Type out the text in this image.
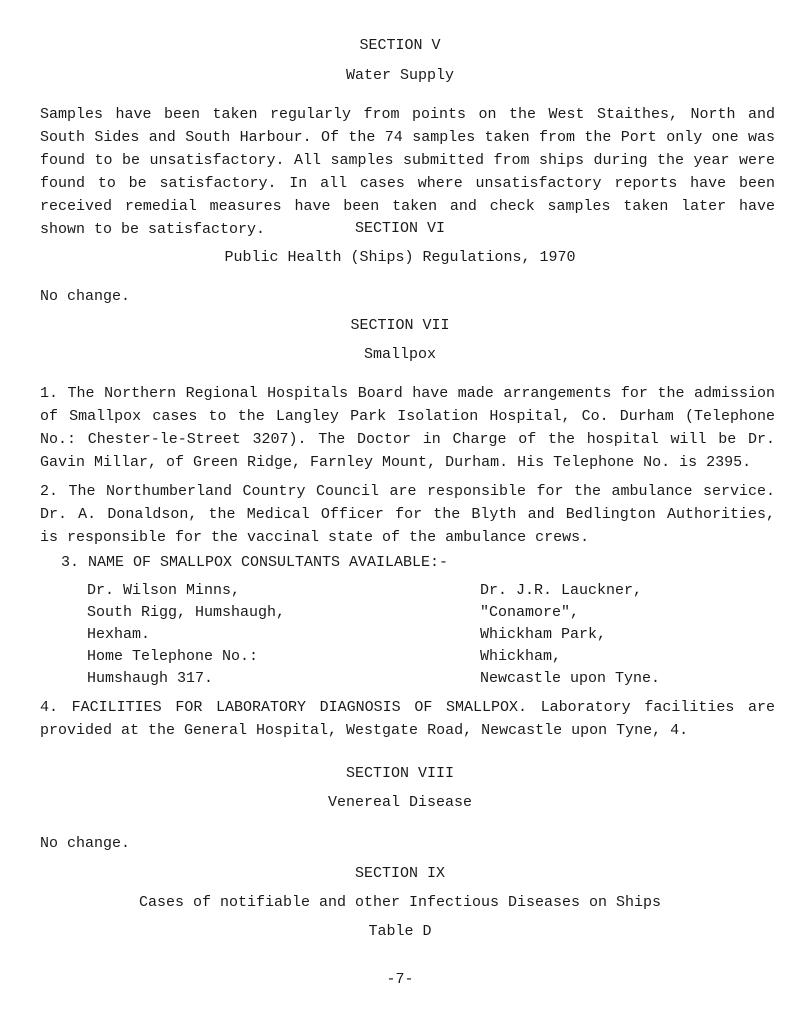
SECTION V
Water Supply

Samples have been taken regularly from points on the West Staithes, North and South Sides and South Harbour. Of the 74 samples taken from the Port only one was found to be unsatisfactory. All samples submitted from ships during the year were found to be satisfactory. In all cases where unsatisfactory reports have been received remedial measures have been taken and check samples taken later have shown to be satisfactory.	SECTION VI
Public Health (Ships) Regulations, 1970
No change.
SECTION VII
Smallpox

1. The Northern Regional Hospitals Board have made arrangements for the admission of Smallpox cases to the Langley Park Isolation Hospital, Co. Durham (Telephone No.: Chester-le-Street 3207). The Doctor in Charge of the hospital will be Dr. Gavin Millar, of Green Ridge, Farnley Mount, Durham. His Telephone No. is 2395.

2. The Northumberland Country Council are responsible for the ambulance service. Dr. A. Donaldson, the Medical Officer for the Blyth and Bedlington Authorities, is responsible for the vaccinal state of the ambulance crews.

3. NAME OF SMALLPOX CONSULTANTS AVAILABLE:-
Dr. Wilson Minns,
South Rigg, Humshaugh,
Hexham.
Home Telephone No.:
Humshaugh 317.
Dr. J.R. Lauckner,
"Conamore",
Whickham Park,
Whickham,
Newcastle upon Tyne.

4. FACILITIES FOR LABORATORY DIAGNOSIS OF SMALLPOX. Laboratory facilities are provided at the General Hospital, Westgate Road, Newcastle upon Tyne, 4.

SECTION VIII
Venereal Disease
No change.
SECTION IX
Cases of notifiable and other Infectious Diseases on Ships
Table D
-7-
